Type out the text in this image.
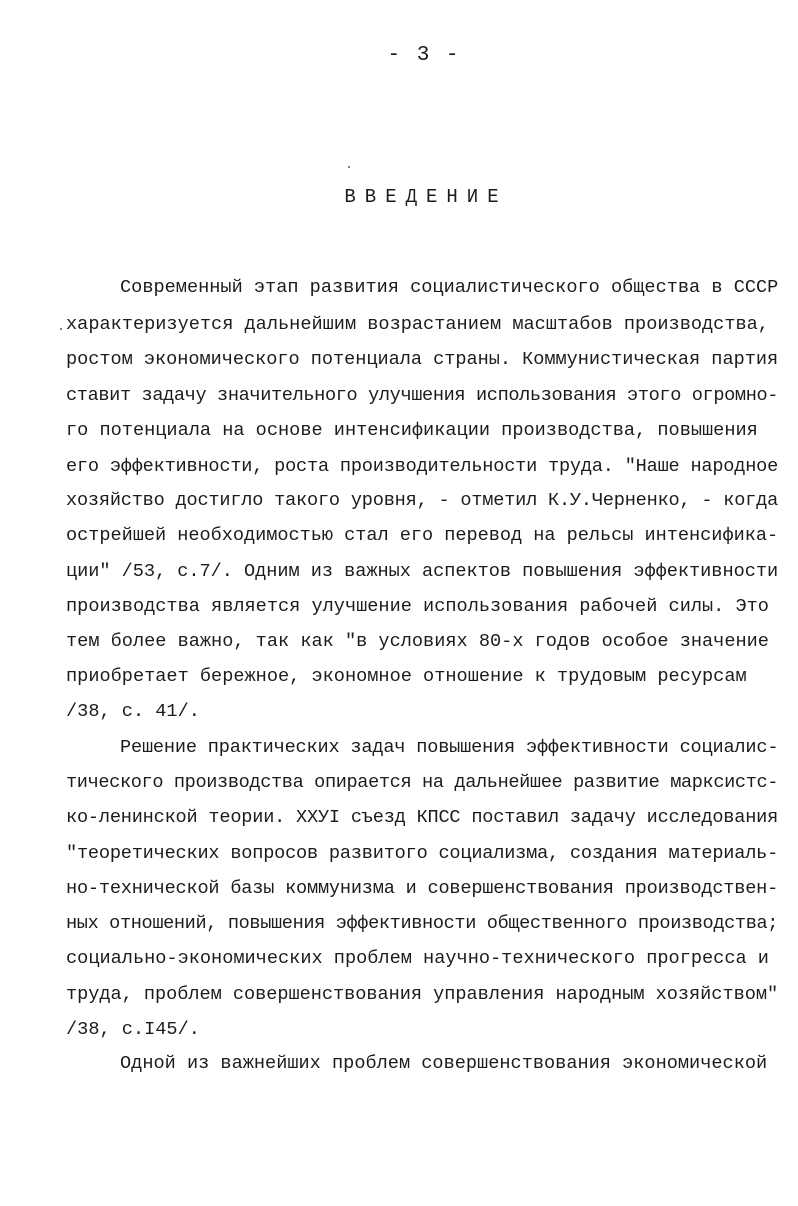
- 3 -
ВВЕДЕНИЕ
Современный этап развития социалистического общества в СССР
характеризуется дальнейшим возрастанием масштабов производства,
ростом экономического потенциала страны. Коммунистическая партия
ставит задачу значительного улучшения использования этого огромно-
го потенциала на основе интенсификации производства, повышения
его эффективности, роста производительности труда. "Наше народное
хозяйство достигло такого уровня, - отметил К.У.Черненко, - когда
острейшей необходимостью стал его перевод на рельсы интенсифика-
ции" /53, с.7/. Одним из важных аспектов повышения эффективности
производства является улучшение использования рабочей силы. Это
тем более важно, так как "в условиях 80-х годов особое значение
приобретает бережное, экономное отношение к трудовым ресурсам
/38, с. 41/.
Решение практических задач повышения эффективности социалис-
тического производства опирается на дальнейшее развитие марксистс-
ко-ленинской теории. ХХУI съезд КПСС поставил задачу исследования
"теоретических вопросов развитого социализма, создания материаль-
но-технической базы коммунизма и совершенствования производствен-
ных отношений, повышения эффективности общественного производства;
социально-экономических проблем научно-технического прогресса и
труда, проблем совершенствования управления народным хозяйством"
/38, с.I45/.
Одной из важнейших проблем совершенствования экономической
